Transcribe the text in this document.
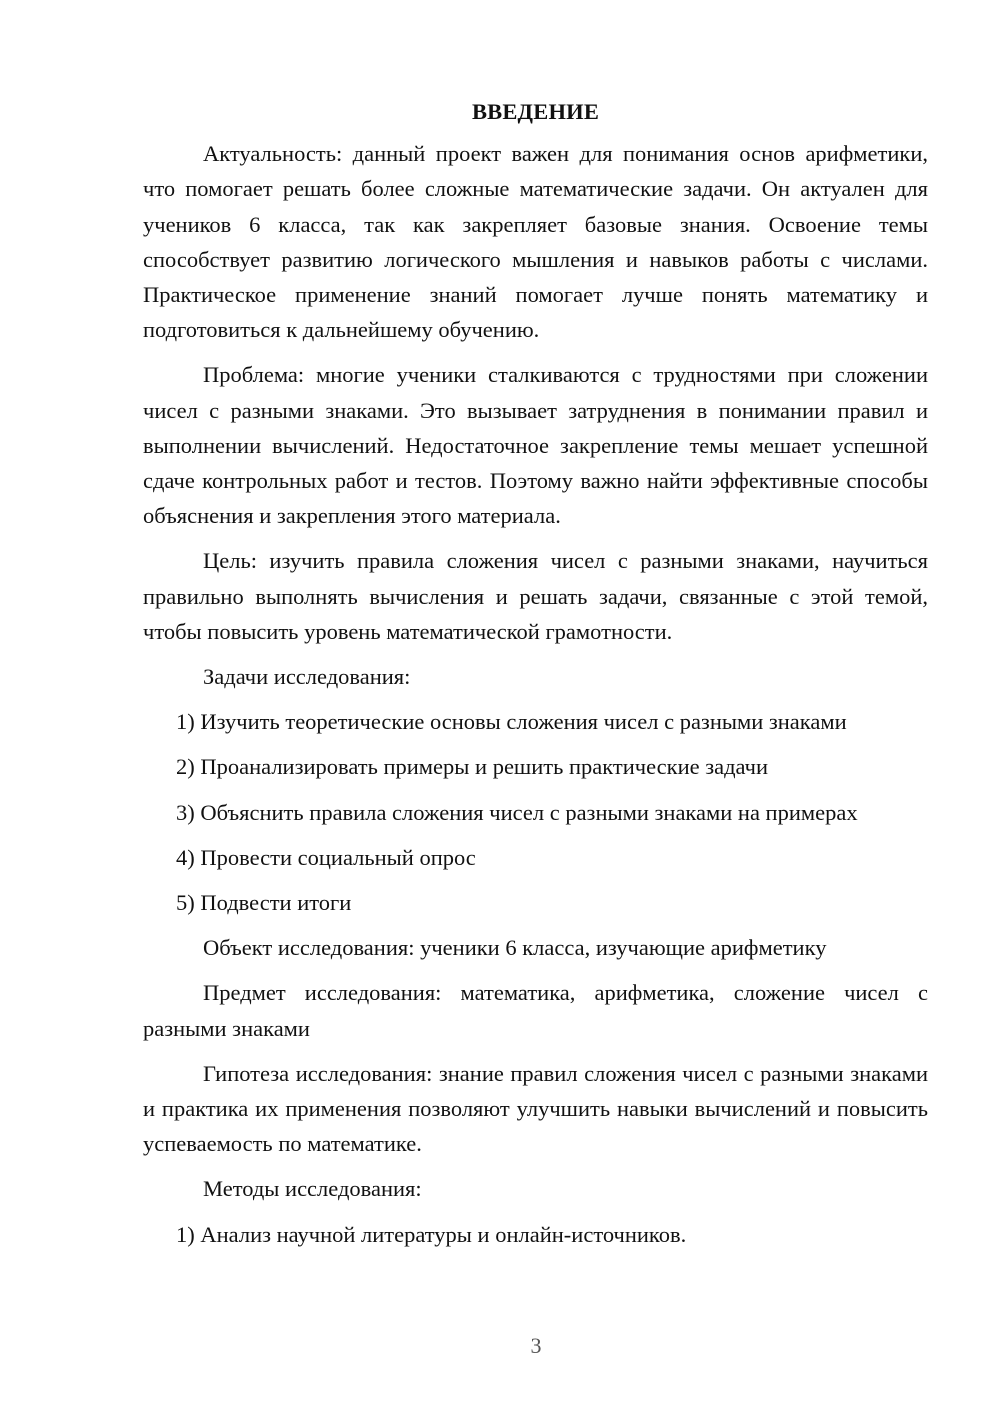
ВВЕДЕНИЕ

Актуальность: данный проект важен для понимания основ арифметики, что помогает решать более сложные математические задачи. Он актуален для учеников 6 класса, так как закрепляет базовые знания. Освоение темы способствует развитию логического мышления и навыков работы с числами. Практическое применение знаний помогает лучше понять математику и подготовиться к дальнейшему обучению.

Проблема: многие ученики сталкиваются с трудностями при сложении чисел с разными знаками. Это вызывает затруднения в понимании правил и выполнении вычислений. Недостаточное закрепление темы мешает успешной сдаче контрольных работ и тестов. Поэтому важно найти эффективные способы объяснения и закрепления этого материала.

Цель: изучить правила сложения чисел с разными знаками, научиться правильно выполнять вычисления и решать задачи, связанные с этой темой, чтобы повысить уровень математической грамотности.

Задачи исследования:
1) Изучить теоретические основы сложения чисел с разными знаками
2) Проанализировать примеры и решить практические задачи
3) Объяснить правила сложения чисел с разными знаками на примерах
4) Провести социальный опрос
5) Подвести итоги
Объект исследования: ученики 6 класса, изучающие арифметику

Предмет исследования: математика, арифметика, сложение чисел с разными знаками

Гипотеза исследования: знание правил сложения чисел с разными знаками и практика их применения позволяют улучшить навыки вычислений и повысить успеваемость по математике.

Методы исследования:
1) Анализ научной литературы и онлайн-источников.
3
